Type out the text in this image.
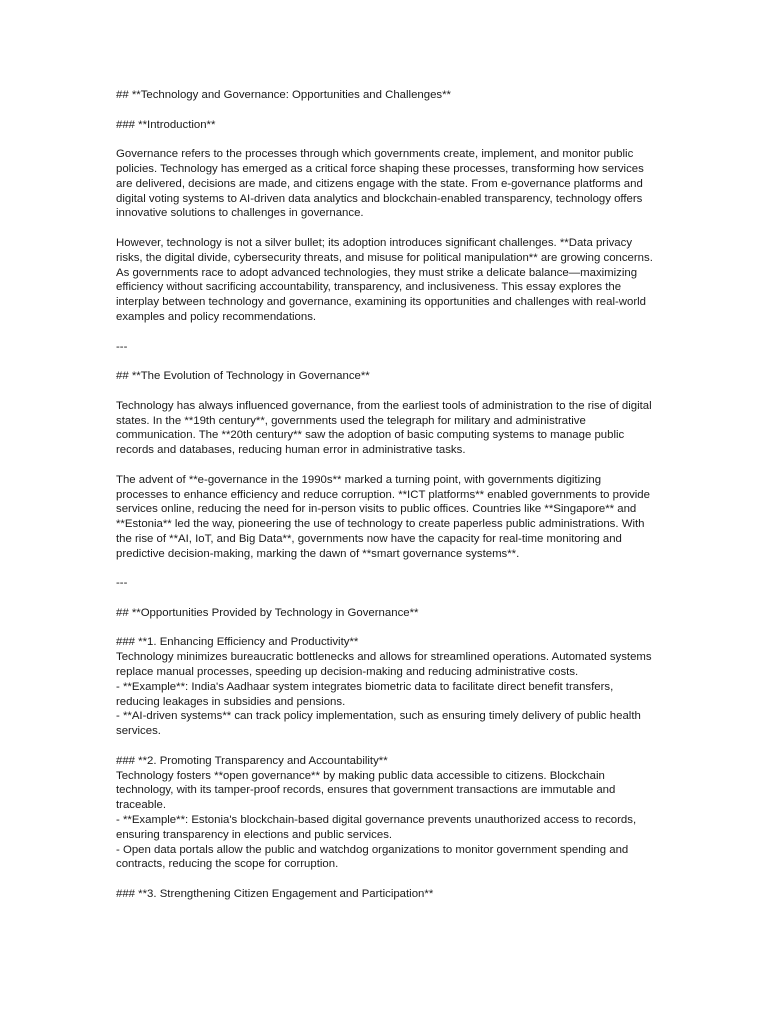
## **Technology and Governance: Opportunities and Challenges**

### **Introduction**

Governance refers to the processes through which governments create, implement, and monitor public policies. Technology has emerged as a critical force shaping these processes, transforming how services are delivered, decisions are made, and citizens engage with the state. From e-governance platforms and digital voting systems to AI-driven data analytics and blockchain-enabled transparency, technology offers innovative solutions to challenges in governance.

However, technology is not a silver bullet; its adoption introduces significant challenges. **Data privacy risks, the digital divide, cybersecurity threats, and misuse for political manipulation** are growing concerns. As governments race to adopt advanced technologies, they must strike a delicate balance—maximizing efficiency without sacrificing accountability, transparency, and inclusiveness. This essay explores the interplay between technology and governance, examining its opportunities and challenges with real-world examples and policy recommendations.

---

## **The Evolution of Technology in Governance**

Technology has always influenced governance, from the earliest tools of administration to the rise of digital states. In the **19th century**, governments used the telegraph for military and administrative communication. The **20th century** saw the adoption of basic computing systems to manage public records and databases, reducing human error in administrative tasks.

The advent of **e-governance in the 1990s** marked a turning point, with governments digitizing processes to enhance efficiency and reduce corruption. **ICT platforms** enabled governments to provide services online, reducing the need for in-person visits to public offices. Countries like **Singapore** and **Estonia** led the way, pioneering the use of technology to create paperless public administrations. With the rise of **AI, IoT, and Big Data**, governments now have the capacity for real-time monitoring and predictive decision-making, marking the dawn of **smart governance systems**.

---

## **Opportunities Provided by Technology in Governance**

### **1. Enhancing Efficiency and Productivity**

Technology minimizes bureaucratic bottlenecks and allows for streamlined operations. Automated systems replace manual processes, speeding up decision-making and reducing administrative costs.

- **Example**: India's Aadhaar system integrates biometric data to facilitate direct benefit transfers, reducing leakages in subsidies and pensions.

- **AI-driven systems** can track policy implementation, such as ensuring timely delivery of public health services.

### **2. Promoting Transparency and Accountability**

Technology fosters **open governance** by making public data accessible to citizens. Blockchain technology, with its tamper-proof records, ensures that government transactions are immutable and traceable.

- **Example**: Estonia's blockchain-based digital governance prevents unauthorized access to records, ensuring transparency in elections and public services.

- Open data portals allow the public and watchdog organizations to monitor government spending and contracts, reducing the scope for corruption.

### **3. Strengthening Citizen Engagement and Participation**
